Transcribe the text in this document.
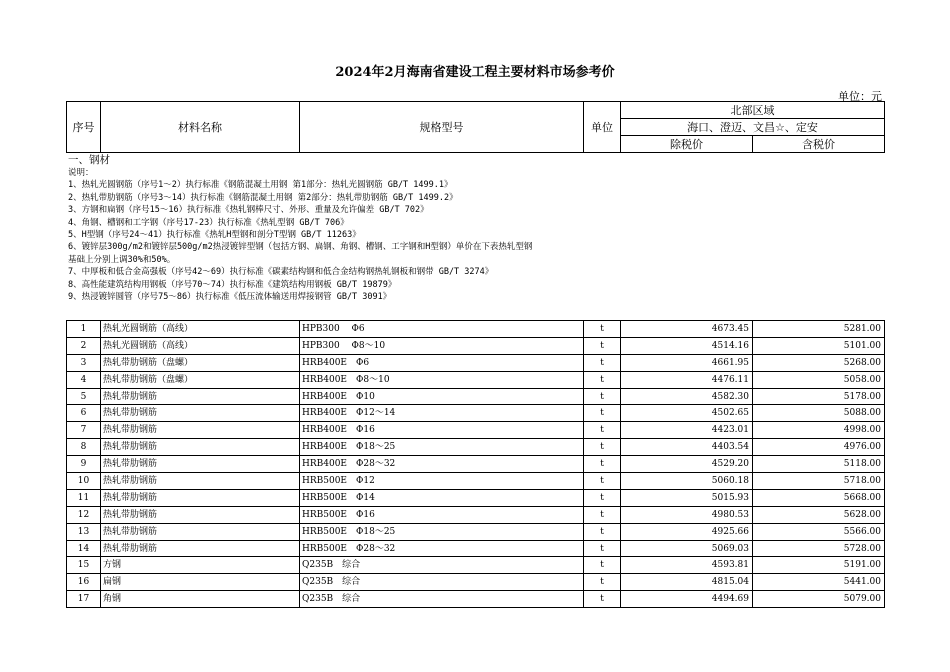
2024年2月海南省建设工程主要材料市场参考价
单位：元
序号	材料名称	规格型号	单位	北部区域	
				海口、澄迈、文昌☆、定安	
				除税价	含税价
一、钢材
说明：
1、热轧光圆钢筋（序号1～2）执行标准《钢筋混凝土用钢 第1部分：热轧光圆钢筋 GB/T 1499.1》
2、热轧带肋钢筋（序号3～14）执行标准《钢筋混凝土用钢 第2部分：热轧带肋钢筋 GB/T 1499.2》
3、方钢和扁钢（序号15～16）执行标准《热轧钢棒尺寸、外形、重量及允许偏差 GB/T 702》
4、角钢、槽钢和工字钢（序号17-23）执行标准《热轧型钢 GB/T 706》
5、H型钢（序号24～41）执行标准《热轧H型钢和剖分T型钢 GB/T 11263》
6、镀锌层300g/m2和镀锌层500g/m2热浸镀锌型钢（包括方钢、扁钢、角钢、槽钢、工字钢和H型钢）单价在下表热轧型钢
基础上分别上调30%和50%。
7、中厚板和低合金高强板（序号42～69）执行标准《碳素结构钢和低合金结构钢热轧钢板和钢带 GB/T 3274》
8、高性能建筑结构用钢板（序号70～74）执行标准《建筑结构用钢板 GB/T 19879》
9、热浸镀锌圆管（序号75～86）执行标准《低压流体输送用焊接钢管 GB/T 3091》
1	热轧光圆钢筋（高线）	HPB300　 Φ6	t	4673.45	5281.00
2	热轧光圆钢筋（高线）	HPB300　 Φ8～10	t	4514.16	5101.00
3	热轧带肋钢筋（盘螺）	HRB400E　Φ6	t	4661.95	5268.00
4	热轧带肋钢筋（盘螺）	HRB400E　Φ8～10	t	4476.11	5058.00
5	热轧带肋钢筋	HRB400E　Φ10	t	4582.30	5178.00
6	热轧带肋钢筋	HRB400E　Φ12～14	t	4502.65	5088.00
7	热轧带肋钢筋	HRB400E　Φ16	t	4423.01	4998.00
8	热轧带肋钢筋	HRB400E　Φ18～25	t	4403.54	4976.00
9	热轧带肋钢筋	HRB400E　Φ28～32	t	4529.20	5118.00
10	热轧带肋钢筋	HRB500E　Φ12	t	5060.18	5718.00
11	热轧带肋钢筋	HRB500E　Φ14	t	5015.93	5668.00
12	热轧带肋钢筋	HRB500E　Φ16	t	4980.53	5628.00
13	热轧带肋钢筋	HRB500E　Φ18～25	t	4925.66	5566.00
14	热轧带肋钢筋	HRB500E　Φ28～32	t	5069.03	5728.00
15	方钢	Q235B　综合	t	4593.81	5191.00
16	扁钢	Q235B　综合	t	4815.04	5441.00
17	角钢	Q235B　综合	t	4494.69	5079.00
